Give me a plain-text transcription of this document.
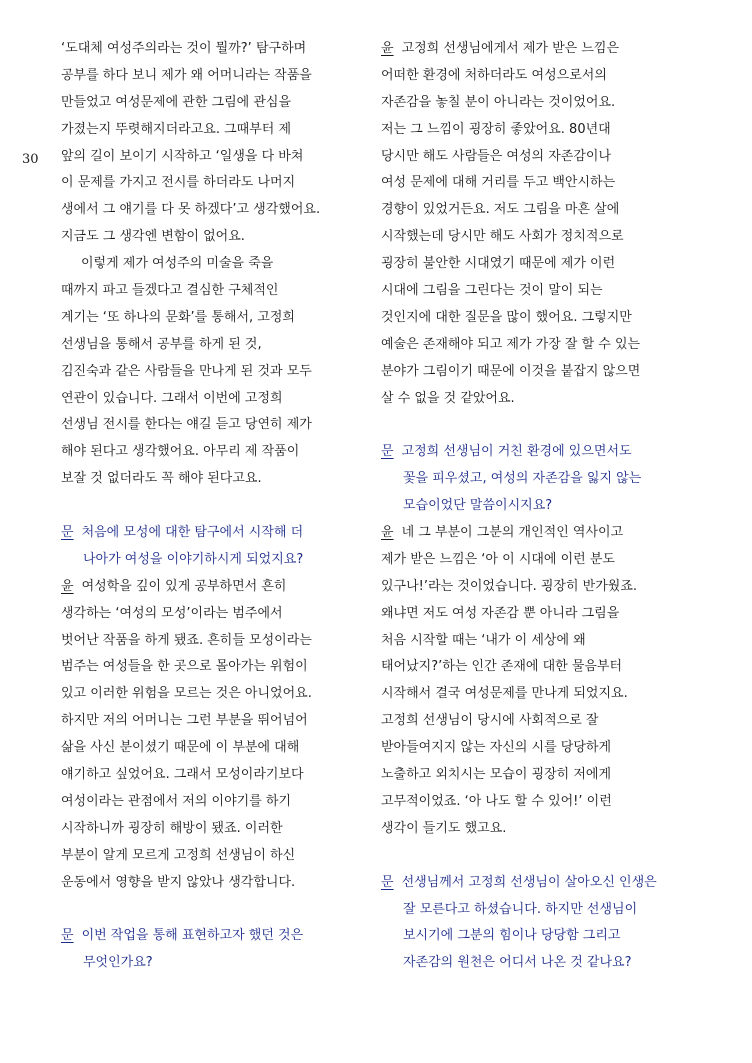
30
‘도대체 여성주의라는 것이 뭘까?’ 탐구하며
공부를 하다 보니 제가 왜 어머니라는 작품을
만들었고 여성문제에 관한 그림에 관심을
가졌는지 뚜렷해지더라고요. 그때부터 제
앞의 길이 보이기 시작하고 ‘일생을 다 바쳐
이 문제를 가지고 전시를 하더라도 나머지
생에서 그 얘기를 다 못 하겠다’고 생각했어요.
지금도 그 생각엔 변함이 없어요.
이렇게 제가 여성주의 미술을 죽을
때까지 파고 들겠다고 결심한 구체적인
계기는 ‘또 하나의 문화’를 통해서, 고정희
선생님을 통해서 공부를 하게 된 것,
김진숙과 같은 사람들을 만나게 된 것과 모두
연관이 있습니다. 그래서 이번에 고정희
선생님 전시를 한다는 얘길 듣고 당연히 제가
해야 된다고 생각했어요. 아무리 제 작품이
보잘 것 없더라도 꼭 해야 된다고요.
문 처음에 모성에 대한 탐구에서 시작해 더
나아가 여성을 이야기하시게 되었지요?
윤 여성학을 깊이 있게 공부하면서 흔히
생각하는 ‘여성의 모성’이라는 범주에서
벗어난 작품을 하게 됐죠. 흔히들 모성이라는
범주는 여성들을 한 곳으로 몰아가는 위험이
있고 이러한 위험을 모르는 것은 아니었어요.
하지만 저의 어머니는 그런 부분을 뛰어넘어
삶을 사신 분이셨기 때문에 이 부분에 대해
얘기하고 싶었어요. 그래서 모성이라기보다
여성이라는 관점에서 저의 이야기를 하기
시작하니까 굉장히 해방이 됐죠. 이러한
부분이 알게 모르게 고정희 선생님이 하신
운동에서 영향을 받지 않았나 생각합니다.
문 이번 작업을 통해 표현하고자 했던 것은
무엇인가요?
윤 고정희 선생님에게서 제가 받은 느낌은
어떠한 환경에 처하더라도 여성으로서의
자존감을 놓칠 분이 아니라는 것이었어요.
저는 그 느낌이 굉장히 좋았어요. 80년대
당시만 해도 사람들은 여성의 자존감이나
여성 문제에 대해 거리를 두고 백안시하는
경향이 있었거든요. 저도 그림을 마흔 살에
시작했는데 당시만 해도 사회가 정치적으로
굉장히 불안한 시대였기 때문에 제가 이런
시대에 그림을 그린다는 것이 말이 되는
것인지에 대한 질문을 많이 했어요. 그렇지만
예술은 존재해야 되고 제가 가장 잘 할 수 있는
분야가 그림이기 때문에 이것을 붙잡지 않으면
살 수 없을 것 같았어요.
문 고정희 선생님이 거친 환경에 있으면서도
꽃을 피우셨고, 여성의 자존감을 잃지 않는
모습이었단 말씀이시지요?
윤 네 그 부분이 그분의 개인적인 역사이고
제가 받은 느낌은 ‘아 이 시대에 이런 분도
있구나!’라는 것이었습니다. 굉장히 반가웠죠.
왜냐면 저도 여성 자존감 뿐 아니라 그림을
처음 시작할 때는 ‘내가 이 세상에 왜
태어났지?’하는 인간 존재에 대한 물음부터
시작해서 결국 여성문제를 만나게 되었지요.
고정희 선생님이 당시에 사회적으로 잘
받아들여지지 않는 자신의 시를 당당하게
노출하고 외치시는 모습이 굉장히 저에게
고무적이었죠. ‘아 나도 할 수 있어!’ 이런
생각이 들기도 했고요.
문 선생님께서 고정희 선생님이 살아오신 인생은
잘 모른다고 하셨습니다. 하지만 선생님이
보시기에 그분의 힘이나 당당함 그리고
자존감의 원천은 어디서 나온 것 같나요?
